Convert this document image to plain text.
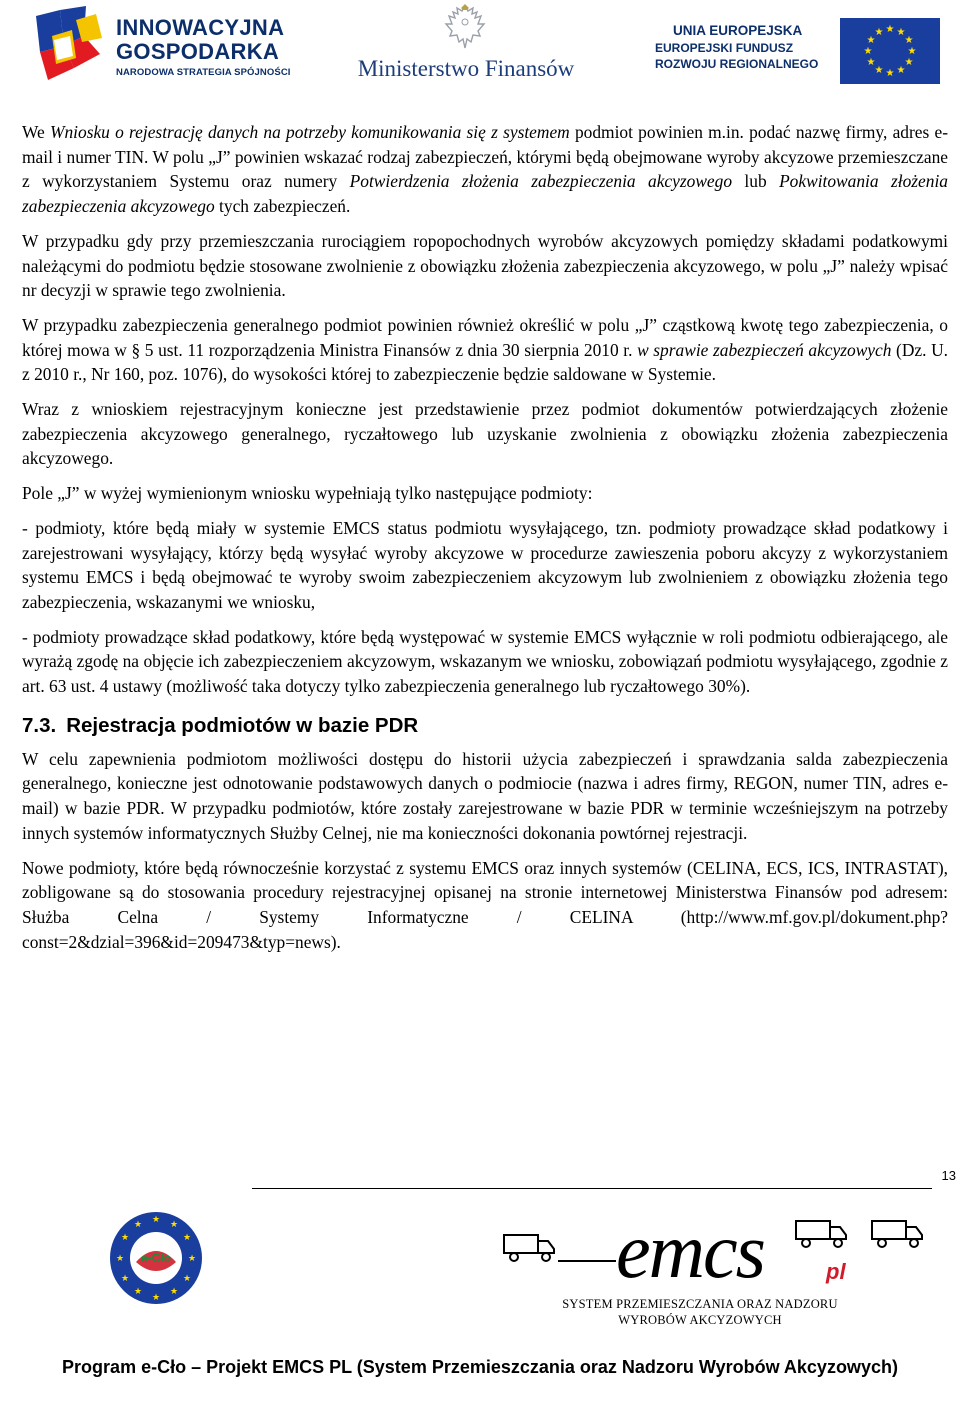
INNOWACYJNA
GOSPODARKA
NARODOWA STRATEGIA SPÓJNOŚCI	Ministerstwo Finansów
UNIA EUROPEJSKA
EUROPEJSKI FUNDUSZ
ROZWOJU REGIONALNEGO
★ ★
★
★
★
★
★
★
★
★
★
★

We Wniosku o rejestrację danych na potrzeby komunikowania się z systemem podmiot powinien m.in. podać nazwę firmy, adres e-mail i numer TIN. W polu „J” powinien wskazać rodzaj zabezpieczeń, którymi będą obejmowane wyroby akcyzowe przemieszczane z wykorzystaniem Systemu oraz numery Potwierdzenia złożenia zabezpieczenia akcyzowego lub Pokwitowania złożenia zabezpieczenia akcyzowego tych zabezpieczeń.

W przypadku gdy przy przemieszczania rurociągiem ropopochodnych wyrobów akcyzowych pomiędzy składami podatkowymi należącymi do podmiotu będzie stosowane zwolnienie z obowiązku złożenia zabezpieczenia akcyzowego, w polu „J” należy wpisać nr decyzji w sprawie tego zwolnienia.

W przypadku zabezpieczenia generalnego podmiot powinien również określić w polu „J” cząstkową kwotę tego zabezpieczenia, o której mowa w § 5 ust. 11 rozporządzenia Ministra Finansów z dnia 30 sierpnia 2010 r. w sprawie zabezpieczeń akcyzowych (Dz. U. z 2010 r., Nr 160, poz. 1076), do wysokości której to zabezpieczenie będzie saldowane w Systemie.

Wraz z wnioskiem rejestracyjnym konieczne jest przedstawienie przez podmiot dokumentów potwierdzających złożenie zabezpieczenia akcyzowego generalnego, ryczałtowego lub uzyskanie zwolnienia z obowiązku złożenia zabezpieczenia akcyzowego.

Pole „J” w wyżej wymienionym wniosku wypełniają tylko następujące podmioty:

- podmioty, które będą miały w systemie EMCS status podmiotu wysyłającego, tzn. podmioty prowadzące skład podatkowy i zarejestrowani wysyłający, którzy będą wysyłać wyroby akcyzowe w procedurze zawieszenia poboru akcyzy z wykorzystaniem systemu EMCS i będą obejmować te wyroby swoim zabezpieczeniem akcyzowym lub zwolnieniem z obowiązku złożenia tego zabezpieczenia, wskazanymi we wniosku,

- podmioty prowadzące skład podatkowy, które będą występować w systemie EMCS wyłącznie w roli podmiotu odbierającego, ale wyrażą zgodę na objęcie ich zabezpieczeniem akcyzowym, wskazanym we wniosku, zobowiązań podmiotu wysyłającego, zgodnie z art. 63 ust. 4 ustawy (możliwość taka dotyczy tylko zabezpieczenia generalnego lub ryczałtowego 30%).

7.3. Rejestracja podmiotów w bazie PDR

W celu zapewnienia podmiotom możliwości dostępu do historii użycia zabezpieczeń i sprawdzania salda zabezpieczenia generalnego, konieczne jest odnotowanie podstawowych danych o podmiocie (nazwa i adres firmy, REGON, numer TIN, adres e-mail) w bazie PDR. W przypadku podmiotów, które zostały zarejestrowane w bazie PDR w terminie wcześniejszym na potrzeby innych systemów informatycznych Służby Celnej, nie ma konieczności dokonania powtórnej rejestracji.

Nowe podmioty, które będą równocześnie korzystać z systemu EMCS oraz innych systemów (CELINA, ECS, ICS, INTRASTAT), zobligowane są do stosowania procedury rejestracyjnej opisanej na stronie internetowej Ministerstwa Finansów pod adresem: Służba Celna / Systemy Informatyczne / CELINA (http://www.mf.gov.pl/dokument.php?const=2&dzial=396&id=209473&typ=news).

13
★ ★
★
★
★
★
★
★
★
★
★
★
e-Cło	emcs	pl
SYSTEM PRZEMIESZCZANIA ORAZ NADZORU
WYROBÓW AKCYZOWYCH
Program e-Cło – Projekt EMCS PL (System Przemieszczania oraz Nadzoru Wyrobów Akcyzowych)
